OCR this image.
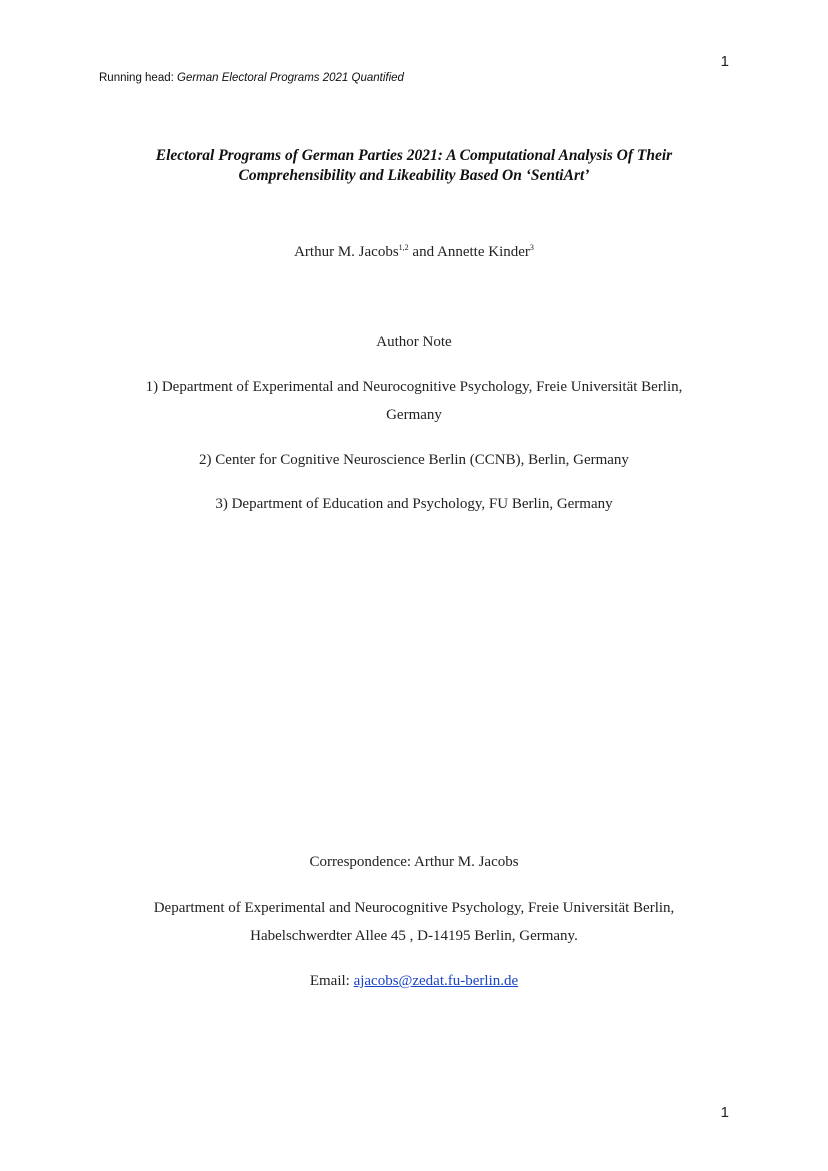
1
Running head: German Electoral Programs 2021 Quantified
Electoral Programs of German Parties 2021: A Computational Analysis Of Their
Comprehensibility and Likeability Based On ‘SentiArt’
Arthur M. Jacobs$^{1,2}$ and Annette Kinder$^3$
Author Note
1) Department of Experimental and Neurocognitive Psychology, Freie Universität Berlin,
Germany
2) Center for Cognitive Neuroscience Berlin (CCNB), Berlin, Germany
3) Department of Education and Psychology, FU Berlin, Germany
Correspondence: Arthur M. Jacobs
Department of Experimental and Neurocognitive Psychology, Freie Universität Berlin,
Habelschwerdter Allee 45 , D-14195 Berlin, Germany.
Email: ajacobs@zedat.fu-berlin.de
1
